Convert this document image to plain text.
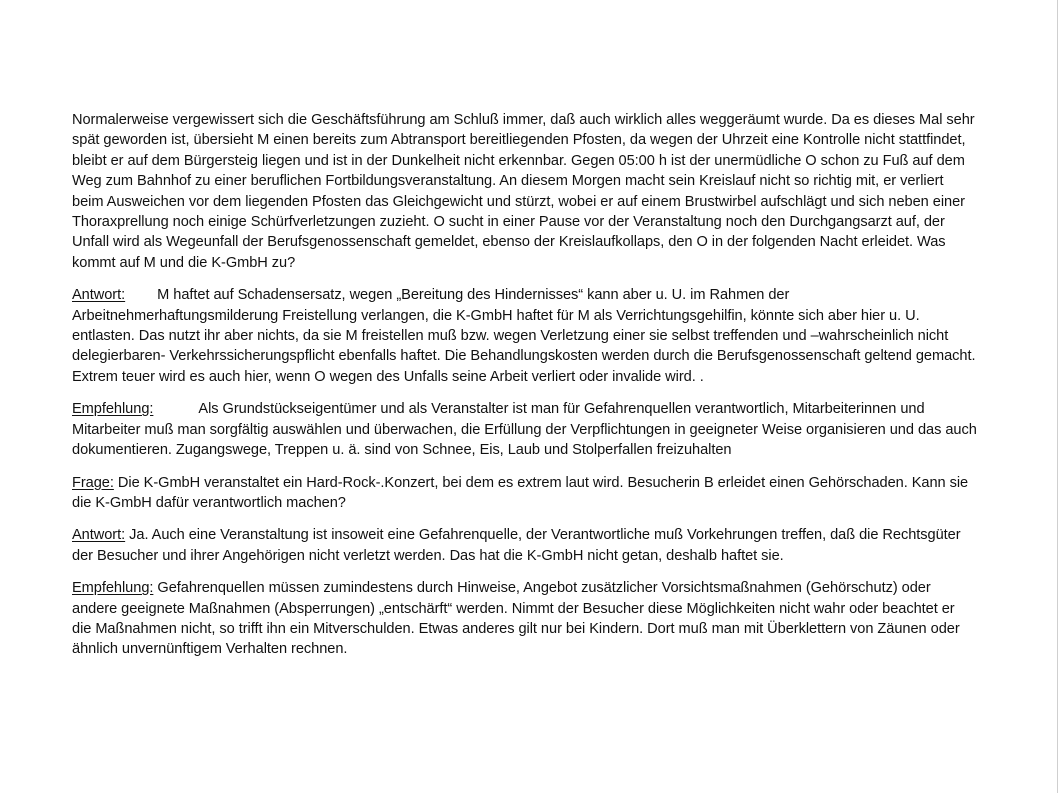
Normalerweise vergewissert sich die Geschäftsführung am Schluß immer, daß auch wirklich alles weggeräumt wurde. Da es dieses Mal sehr spät geworden ist, übersieht M einen bereits zum Abtransport bereitliegenden Pfosten, da wegen der Uhrzeit eine Kontrolle nicht stattfindet, bleibt er auf dem Bürgersteig liegen und ist in der Dunkelheit nicht erkennbar. Gegen 05:00 h ist der unermüdliche O schon zu Fuß auf dem Weg zum Bahnhof zu einer beruflichen Fortbildungsveranstaltung. An diesem Morgen macht sein Kreislauf nicht so richtig mit, er verliert beim Ausweichen vor dem liegenden Pfosten das Gleichgewicht und stürzt, wobei er auf einem Brustwirbel aufschlägt und sich neben einer Thoraxprellung noch einige Schürfverletzungen zuzieht. O sucht in einer Pause vor der Veranstaltung noch den Durchgangsarzt auf, der Unfall wird als Wegeunfall der Berufsgenossenschaft gemeldet, ebenso der Kreislaufkollaps, den O in der folgenden Nacht erleidet. Was kommt auf M und die K-GmbH zu?

Antwort: M haftet auf Schadensersatz, wegen „Bereitung des Hindernisses“ kann aber u. U. im Rahmen der Arbeitnehmerhaftungsmilderung Freistellung verlangen, die K-GmbH haftet für M als Verrichtungsgehilfin, könnte sich aber hier u. U. entlasten. Das nutzt ihr aber nichts, da sie M freistellen muß bzw. wegen Verletzung einer sie selbst treffenden und –wahrscheinlich nicht delegierbaren- Verkehrssicherungspflicht ebenfalls haftet. Die Behandlungskosten werden durch die Berufsgenossenschaft geltend gemacht. Extrem teuer wird es auch hier, wenn O wegen des Unfalls seine Arbeit verliert oder invalide wird. .

Empfehlung:	Als Grundstückseigentümer und als Veranstalter ist man für Gefahrenquellen verantwortlich, Mitarbeiterinnen und Mitarbeiter muß man sorgfältig auswählen und überwachen, die Erfüllung der Verpflichtungen in geeigneter Weise organisieren und das auch dokumentieren. Zugangswege, Treppen u. ä. sind von Schnee, Eis, Laub und Stolperfallen freizuhalten

Frage: Die K-GmbH veranstaltet ein Hard-Rock-.Konzert, bei dem es extrem laut wird. Besucherin B erleidet einen Gehörschaden. Kann sie die K-GmbH dafür verantwortlich machen?

Antwort: Ja. Auch eine Veranstaltung ist insoweit eine Gefahrenquelle, der Verantwortliche muß Vorkehrungen treffen, daß die Rechtsgüter der Besucher und ihrer Angehörigen nicht verletzt werden. Das hat die K-GmbH nicht getan, deshalb haftet sie.

Empfehlung: Gefahrenquellen müssen zumindestens durch Hinweise, Angebot zusätzlicher Vorsichtsmaßnahmen (Gehörschutz) oder andere geeignete Maßnahmen (Absperrungen) „entschärft“ werden. Nimmt der Besucher diese Möglichkeiten nicht wahr oder beachtet er die Maßnahmen nicht, so trifft ihn ein Mitverschulden. Etwas anderes gilt nur bei Kindern. Dort muß man mit Überklettern von Zäunen oder ähnlich unvernünftigem Verhalten rechnen.
